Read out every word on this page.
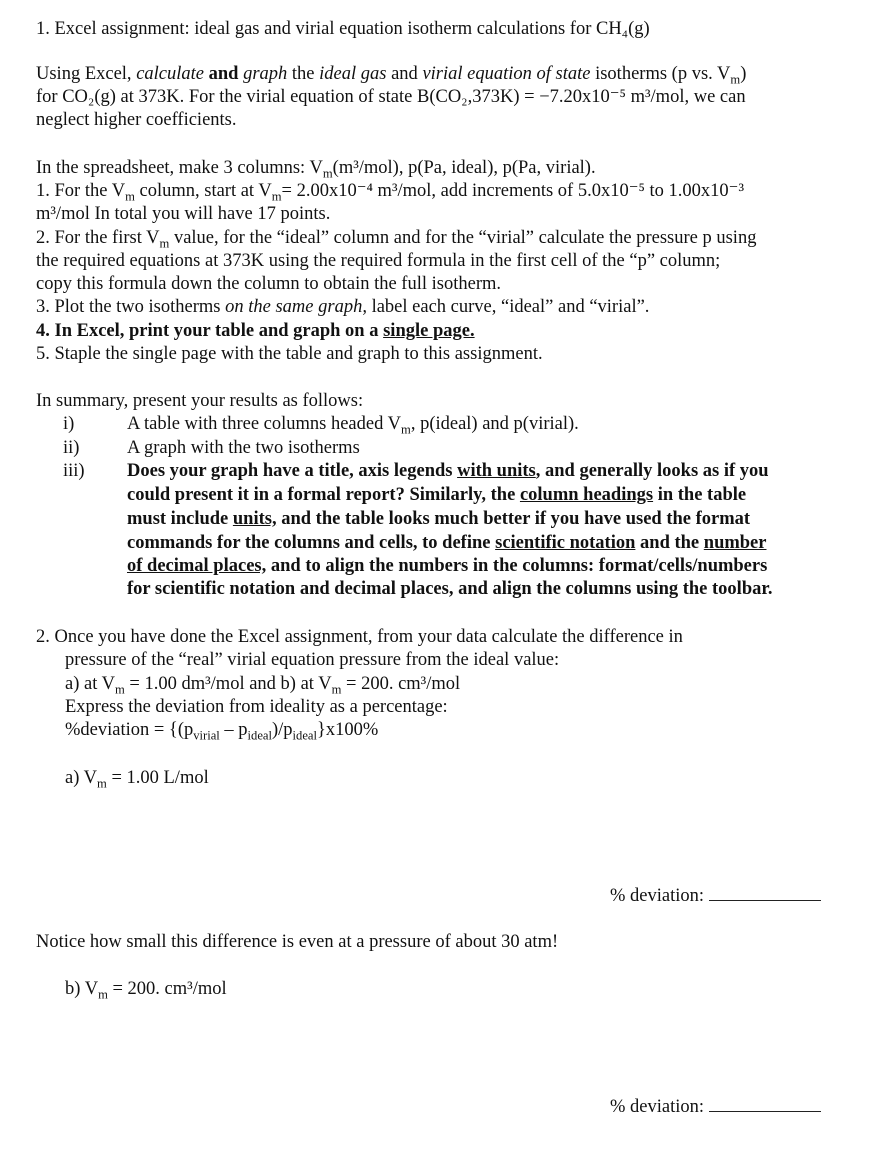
1. Excel assignment: ideal gas and virial equation isotherm calculations for CH₄(g)
Using Excel, calculate and graph the ideal gas and virial equation of state isotherms (p vs. $V_m$)
for CO₂(g) at 373K. For the virial equation of state B(CO₂,373K) = −7.20x10⁻⁵ m³/mol, we can
neglect higher coefficients.
In the spreadsheet, make 3 columns: $V_m(m^3/mol)$, p(Pa, ideal), p(Pa, virial).
1. For the $V_m$ column, start at $V_m= 2.00x10^{-4}$ m³/mol, add increments of 5.0x10⁻⁵ to 1.00x10⁻³
m³/mol In total you will have 17 points.
2. For the first $V_m$ value, for the “ideal” column and for the “virial” calculate the pressure p using
the required equations at 373K using the required formula in the first cell of the “p” column;
copy this formula down the column to obtain the full isotherm.
3. Plot the two isotherms on the same graph, label each curve, “ideal” and “virial”.
4. In Excel, print your table and graph on a single page.
5. Staple the single page with the table and graph to this assignment.
In summary, present your results as follows:
i)	A table with three columns headed $V_m$, p(ideal) and p(virial).
ii)	A graph with the two isotherms
iii) Does your graph have a title, axis legends with units, and generally looks as if you
could present it in a formal report? Similarly, the column headings in the table
must include units, and the table looks much better if you have used the format
commands for the columns and cells, to define scientific notation and the number
of decimal places, and to align the numbers in the columns: format/cells/numbers
for scientific notation and decimal places, and align the columns using the toolbar.
2. Once you have done the Excel assignment, from your data calculate the difference in
pressure of the “real” virial equation pressure from the ideal value:
a) at $V_m = 1.00$ dm³/mol and b) at $V_m = 200$. cm³/mol
Express the deviation from ideality as a percentage:
%deviation = $\{(p_{virial} - p_{ideal})/p_{ideal}\}x100\%$
a) $V_m = 1.00$ L/mol
% deviation:
Notice how small this difference is even at a pressure of about 30 atm!
b) $V_m = 200$. cm³/mol
% deviation:
